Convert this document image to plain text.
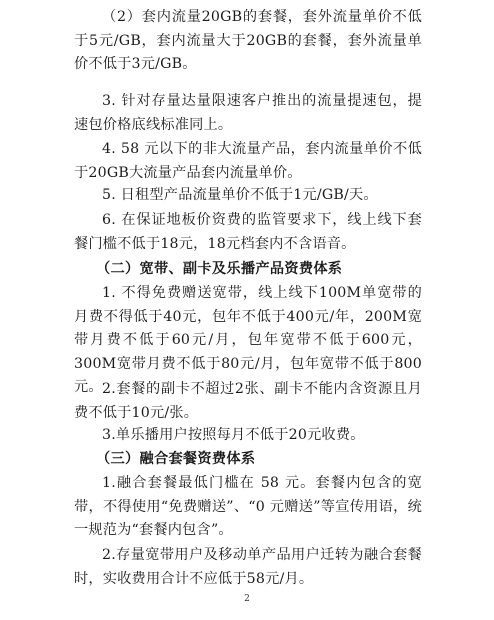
（2）套内流量20GB的套餐，套外流量单价不低于5元/GB，套内流量大于20GB的套餐，套外流量单价不低于3元/GB。

3. 针对存量达量限速客户推出的流量提速包，提速包价格底线标准同上。

4. 58 元以下的非大流量产品，套内流量单价不低于20GB大流量产品套内流量单价。

5. 日租型产品流量单价不低于1元/GB/天。

6. 在保证地板价资费的监管要求下，线上线下套餐门槛不低于18元，18元档套内不含语音。

（二）宽带、副卡及乐播产品资费体系

1. 不得免费赠送宽带，线上线下100M单宽带的月费不得低于40元，包年不低于400元/年，200M宽带月费不低于60元/月，包年宽带不低于600元，300M宽带月费不低于80元/月，包年宽带不低于800元。 2.套餐的副卡不超过2张、副卡不能内含资源且月费不低于10元/张。

3.单乐播用户按照每月不低于20元收费。

（三）融合套餐资费体系

1.融合套餐最低门槛在 58 元。套餐内包含的宽带，不得使用“免费赠送”、“0 元赠送”等宣传用语，统一规范为“套餐内包含”。

2.存量宽带用户及移动单产品用户迁转为融合套餐时，实收费用合计不应低于58元/月。

2
